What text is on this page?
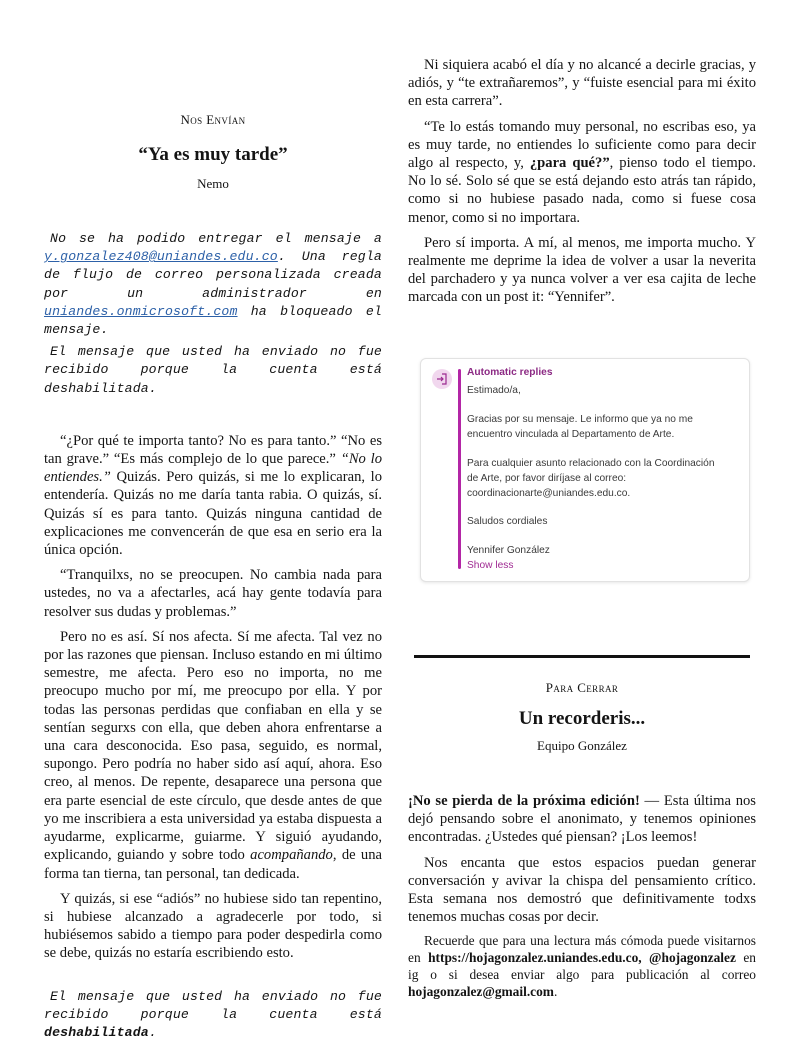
Nos Envían

“Ya es muy tarde”

Nemo

No se ha podido entregar el mensaje a y.gonzalez408@uniandes.edu.co. Una regla de flujo de correo personalizada creada por un administrador en uniandes.onmicrosoft.com ha bloqueado el mensaje.

El mensaje que usted ha enviado no fue recibido porque la cuenta está deshabilitada.

“¿Por qué te importa tanto? No es para tanto.” “No es tan grave.” “Es más complejo de lo que parece.” “No lo entiendes.” Quizás. Pero quizás, si me lo explicaran, lo entendería. Quizás no me daría tanta rabia. O quizás, sí. Quizás sí es para tanto. Quizás ninguna cantidad de explicaciones me convencerán de que esa en serio era la única opción.

“Tranquilxs, no se preocupen. No cambia nada para ustedes, no va a afectarles, acá hay gente todavía para resolver sus dudas y problemas.”

Pero no es así. Sí nos afecta. Sí me afecta. Tal vez no por las razones que piensan. Incluso estando en mi último semestre, me afecta. Pero eso no importa, no me preocupo mucho por mí, me preocupo por ella. Y por todas las personas perdidas que confiaban en ella y se sentían segurxs con ella, que deben ahora enfrentarse a una cara desconocida. Eso pasa, seguido, es normal, supongo. Pero podría no haber sido así aquí, ahora. Eso creo, al menos. De repente, desaparece una persona que era parte esencial de este círculo, que desde antes de que yo me inscribiera a esta universidad ya estaba dispuesta a ayudarme, explicarme, guiarme. Y siguió ayudando, explicando, guiando y sobre todo acompañando, de una forma tan tierna, tan personal, tan dedicada.

Y quizás, si ese “adiós” no hubiese sido tan repentino, si hubiese alcanzado a agradecerle por todo, si hubiésemos sabido a tiempo para poder despedirla como se debe, quizás no estaría escribiendo esto.

El mensaje que usted ha enviado no fue recibido porque la cuenta está deshabilitada.

Ni siquiera acabó el día y no alcancé a decirle gracias, y adiós, y “te extrañaremos”, y “fuiste esencial para mi éxito en esta carrera”.

“Te lo estás tomando muy personal, no escribas eso, ya es muy tarde, no entiendes lo suficiente como para decir algo al respecto, y, ¿para qué?”, pienso todo el tiempo. No lo sé. Solo sé que se está dejando esto atrás tan rápido, como si no hubiese pasado nada, como si fuese cosa menor, como si no importara.

Pero sí importa. A mí, al menos, me importa mucho. Y realmente me deprime la idea de volver a usar la neverita del parchadero y ya nunca volver a ver esa cajita de leche marcada con un post it: “Yennifer”.

Automatic replies
Estimado/a,
Gracias por su mensaje. Le informo que ya no me
encuentro vinculada al Departamento de Arte.
Para cualquier asunto relacionado con la Coordinación
de Arte, por favor diríjase al correo:
coordinacionarte@uniandes.edu.co.
Saludos cordiales
Yennifer González
Show less

Para Cerrar

Un recorderis...

Equipo González

¡No se pierda de la próxima edición! — Esta última nos dejó pensando sobre el anonimato, y tenemos opiniones encontradas. ¿Ustedes qué piensan? ¡Los leemos!

Nos encanta que estos espacios puedan generar conversación y avivar la chispa del pensamiento crítico. Esta semana nos demostró que definitivamente todxs tenemos muchas cosas por decir.

Recuerde que para una lectura más cómoda puede visitarnos en https://hojagonzalez.uniandes.edu.co, @hojagonzalez en ig o si desea enviar algo para publicación al correo hojagonzalez@gmail.com.
